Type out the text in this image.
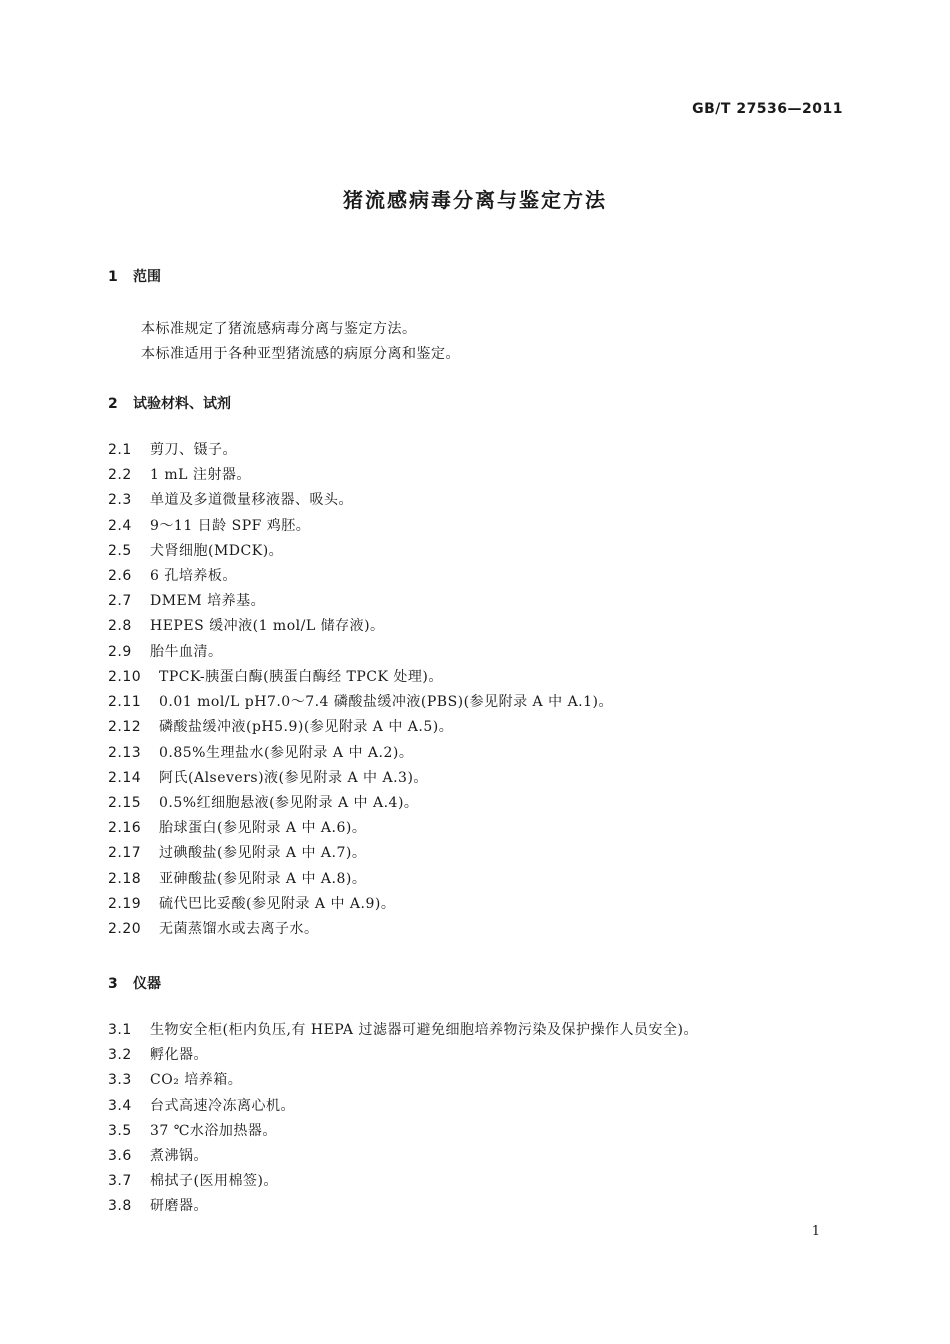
GB/T 27536—2011
猪流感病毒分离与鉴定方法
1 范围
本标准规定了猪流感病毒分离与鉴定方法。
本标准适用于各种亚型猪流感的病原分离和鉴定。
2 试验材料、试剂
2.1 剪刀、镊子。
2.2 1 mL 注射器。
2.3 单道及多道微量移液器、吸头。
2.4 9～11 日龄 SPF 鸡胚。
2.5 犬肾细胞(MDCK)。
2.6 6 孔培养板。
2.7 DMEM 培养基。
2.8 HEPES 缓冲液(1 mol/L 储存液)。
2.9 胎牛血清。
2.10 TPCK-胰蛋白酶(胰蛋白酶经 TPCK 处理)。
2.11 0.01 mol/L pH7.0～7.4 磷酸盐缓冲液(PBS)(参见附录 A 中 A.1)。
2.12 磷酸盐缓冲液(pH5.9)(参见附录 A 中 A.5)。
2.13 0.85%生理盐水(参见附录 A 中 A.2)。
2.14 阿氏(Alsevers)液(参见附录 A 中 A.3)。
2.15 0.5%红细胞悬液(参见附录 A 中 A.4)。
2.16 胎球蛋白(参见附录 A 中 A.6)。
2.17 过碘酸盐(参见附录 A 中 A.7)。
2.18 亚砷酸盐(参见附录 A 中 A.8)。
2.19 硫代巴比妥酸(参见附录 A 中 A.9)。
2.20 无菌蒸馏水或去离子水。
3 仪器
3.1 生物安全柜(柜内负压,有 HEPA 过滤器可避免细胞培养物污染及保护操作人员安全)。
3.2 孵化器。
3.3 CO₂ 培养箱。
3.4 台式高速冷冻离心机。
3.5 37 ℃水浴加热器。
3.6 煮沸锅。
3.7 棉拭子(医用棉签)。
3.8 研磨器。
1
